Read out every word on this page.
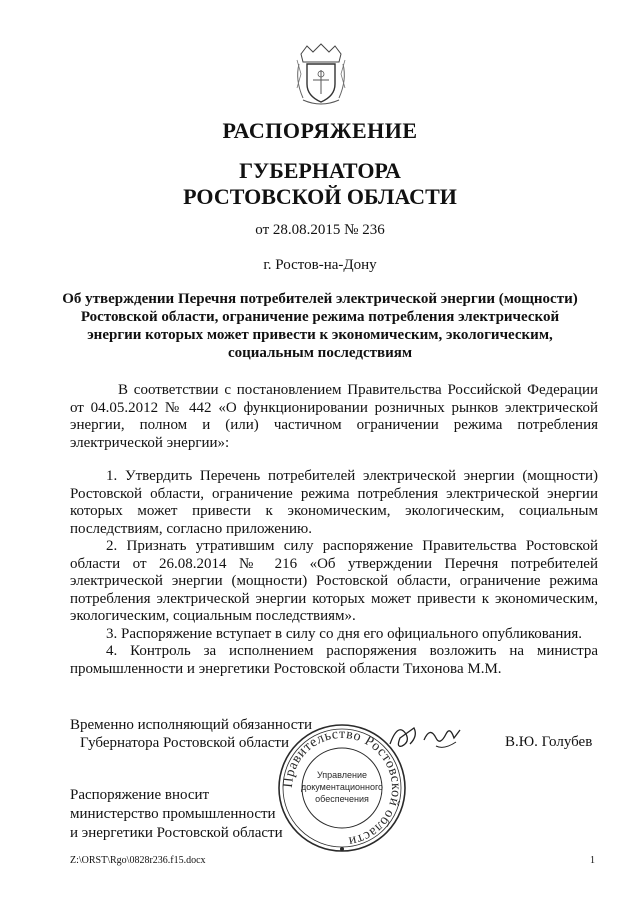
РАСПОРЯЖЕНИЕ
ГУБЕРНАТОРА
РОСТОВСКОЙ ОБЛАСТИ
от 28.08.2015 № 236
г. Ростов-на-Дону
Об утверждении Перечня потребителей электрической энергии (мощности) Ростовской области, ограничение режима потребления электрической энергии которых может привести к экономическим, экологическим, социальным последствиям
В соответствии с постановлением Правительства Российской Федерации от 04.05.2012 № 442 «О функционировании розничных рынков электрической энергии, полном и (или) частичном ограничении режима потребления электрической энергии»:

1. Утвердить Перечень потребителей электрической энергии (мощности) Ростовской области, ограничение режима потребления электрической энергии которых может привести к экономическим, экологическим, социальным последствиям, согласно приложению.

2. Признать утратившим силу распоряжение Правительства Ростовской области от 26.08.2014 № 216 «Об утверждении Перечня потребителей электрической энергии (мощности) Ростовской области, ограничение режима потребления электрической энергии которых может привести к экономическим, экологическим, социальным последствиям».

3. Распоряжение вступает в силу со дня его официального опубликования.

4. Контроль за исполнением распоряжения возложить на министра промышленности и энергетики Ростовской области Тихонова М.М.

Временно исполняющий обязанности
Губернатора Ростовской области	В.Ю. Голубев
Правительство Ростовской области
Управление
документационного
обеспечения
Распоряжение вносит
министерство промышленности
и энергетики Ростовской области
Z:\ORST\Rgo\0828r236.f15.docx	1
